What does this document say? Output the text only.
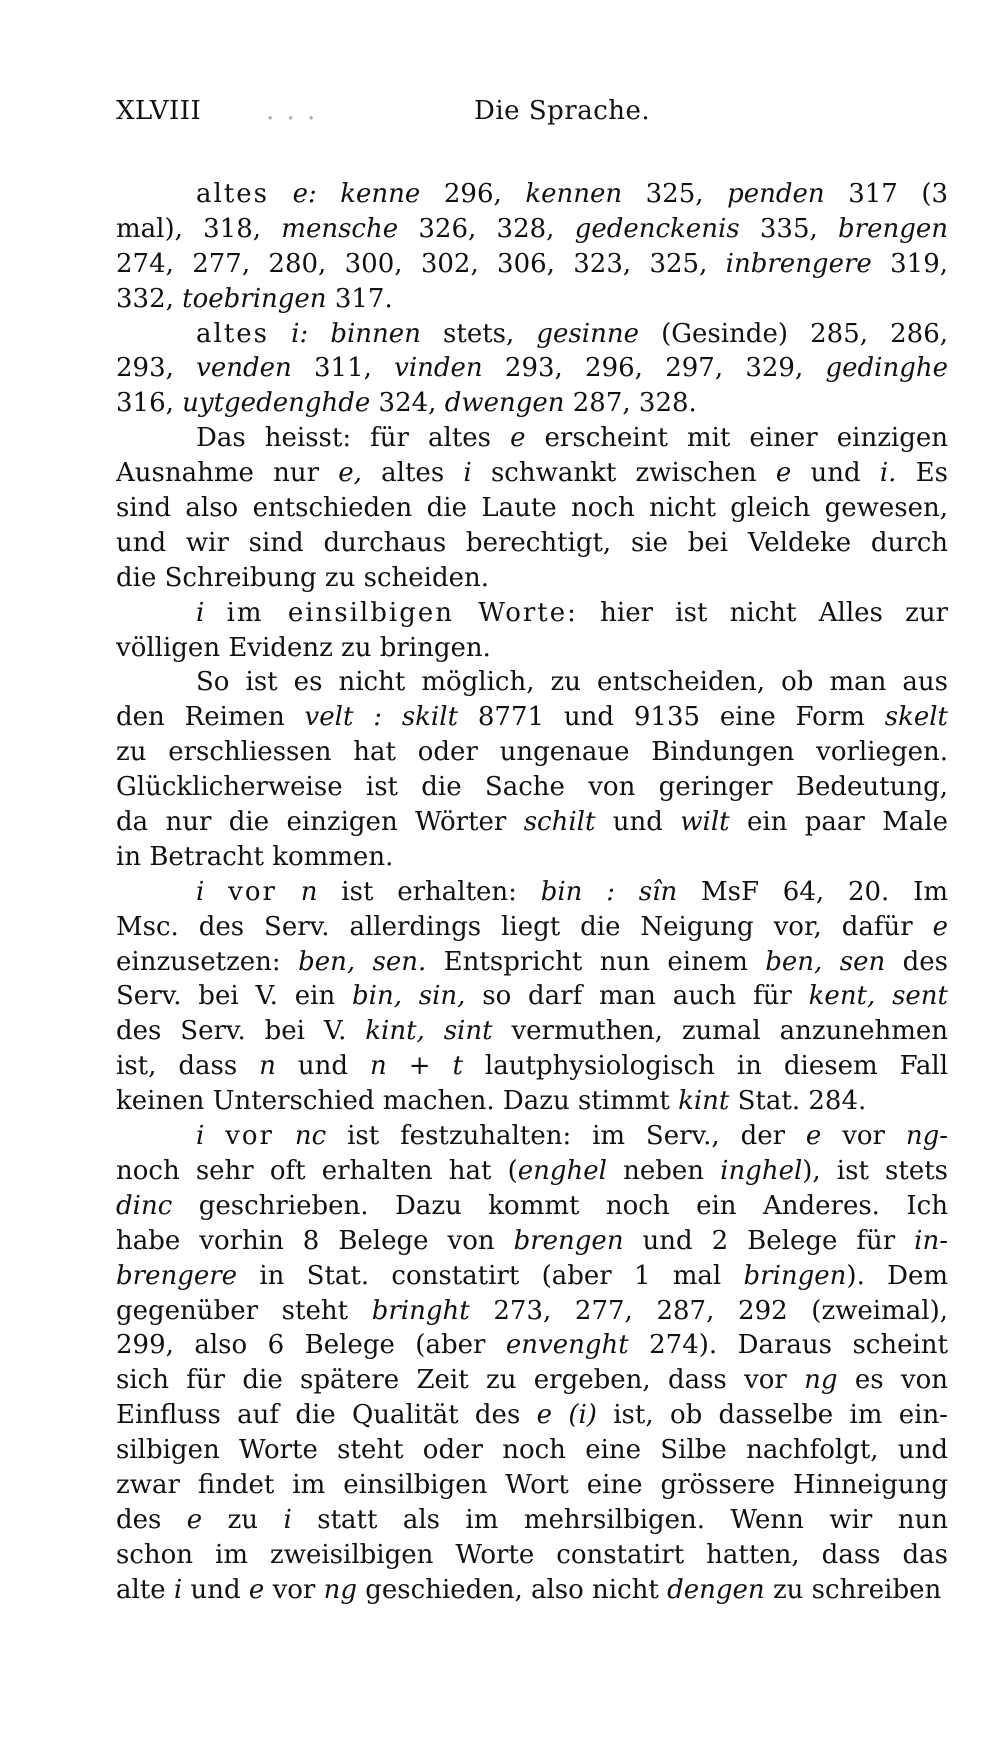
XLVIII . . .	Die Sprache.
altes e: kenne 296, kennen 325, penden 317 (3
mal), 318, mensche 326, 328, gedenckenis 335, brengen
274, 277, 280, 300, 302, 306, 323, 325, inbrengere 319,
332, toebringen 317.
altes i: binnen stets, gesinne (Gesinde) 285, 286,
293, venden 311, vinden 293, 296, 297, 329, gedinghe
316, uytgedenghde 324, dwengen 287, 328.
Das heisst: für altes e erscheint mit einer einzigen
Ausnahme nur e, altes i schwankt zwischen e und i. Es
sind also entschieden die Laute noch nicht gleich gewesen,
und wir sind durchaus berechtigt, sie bei Veldeke durch
die Schreibung zu scheiden.
i im einsilbigen Worte: hier ist nicht Alles zur
völligen Evidenz zu bringen.
So ist es nicht möglich, zu entscheiden, ob man aus
den Reimen velt : skilt 8771 und 9135 eine Form skelt
zu erschliessen hat oder ungenaue Bindungen vorliegen.
Glücklicherweise ist die Sache von geringer Bedeutung,
da nur die einzigen Wörter schilt und wilt ein paar Male
in Betracht kommen.
i vor n ist erhalten: bin : sîn MsF 64, 20. Im
Msc. des Serv. allerdings liegt die Neigung vor, dafür e
einzusetzen: ben, sen. Entspricht nun einem ben, sen des
Serv. bei V. ein bin, sin, so darf man auch für kent, sent
des Serv. bei V. kint, sint vermuthen, zumal anzunehmen
ist, dass n und n + t lautphysiologisch in diesem Fall
keinen Unterschied machen. Dazu stimmt kint Stat. 284.
i vor nc ist festzuhalten: im Serv., der e vor ng-
noch sehr oft erhalten hat (enghel neben inghel), ist stets
dinc geschrieben. Dazu kommt noch ein Anderes. Ich
habe vorhin 8 Belege von brengen und 2 Belege für in-
brengere in Stat. constatirt (aber 1 mal bringen). Dem
gegenüber steht bringht 273, 277, 287, 292 (zweimal),
299, also 6 Belege (aber envenght 274). Daraus scheint
sich für die spätere Zeit zu ergeben, dass vor ng es von
Einfluss auf die Qualität des e (i) ist, ob dasselbe im ein-
silbigen Worte steht oder noch eine Silbe nachfolgt, und
zwar findet im einsilbigen Wort eine grössere Hinneigung
des e zu i statt als im mehrsilbigen. Wenn wir nun
schon im zweisilbigen Worte constatirt hatten, dass das
alte i und e vor ng geschieden, also nicht dengen zu schreiben
